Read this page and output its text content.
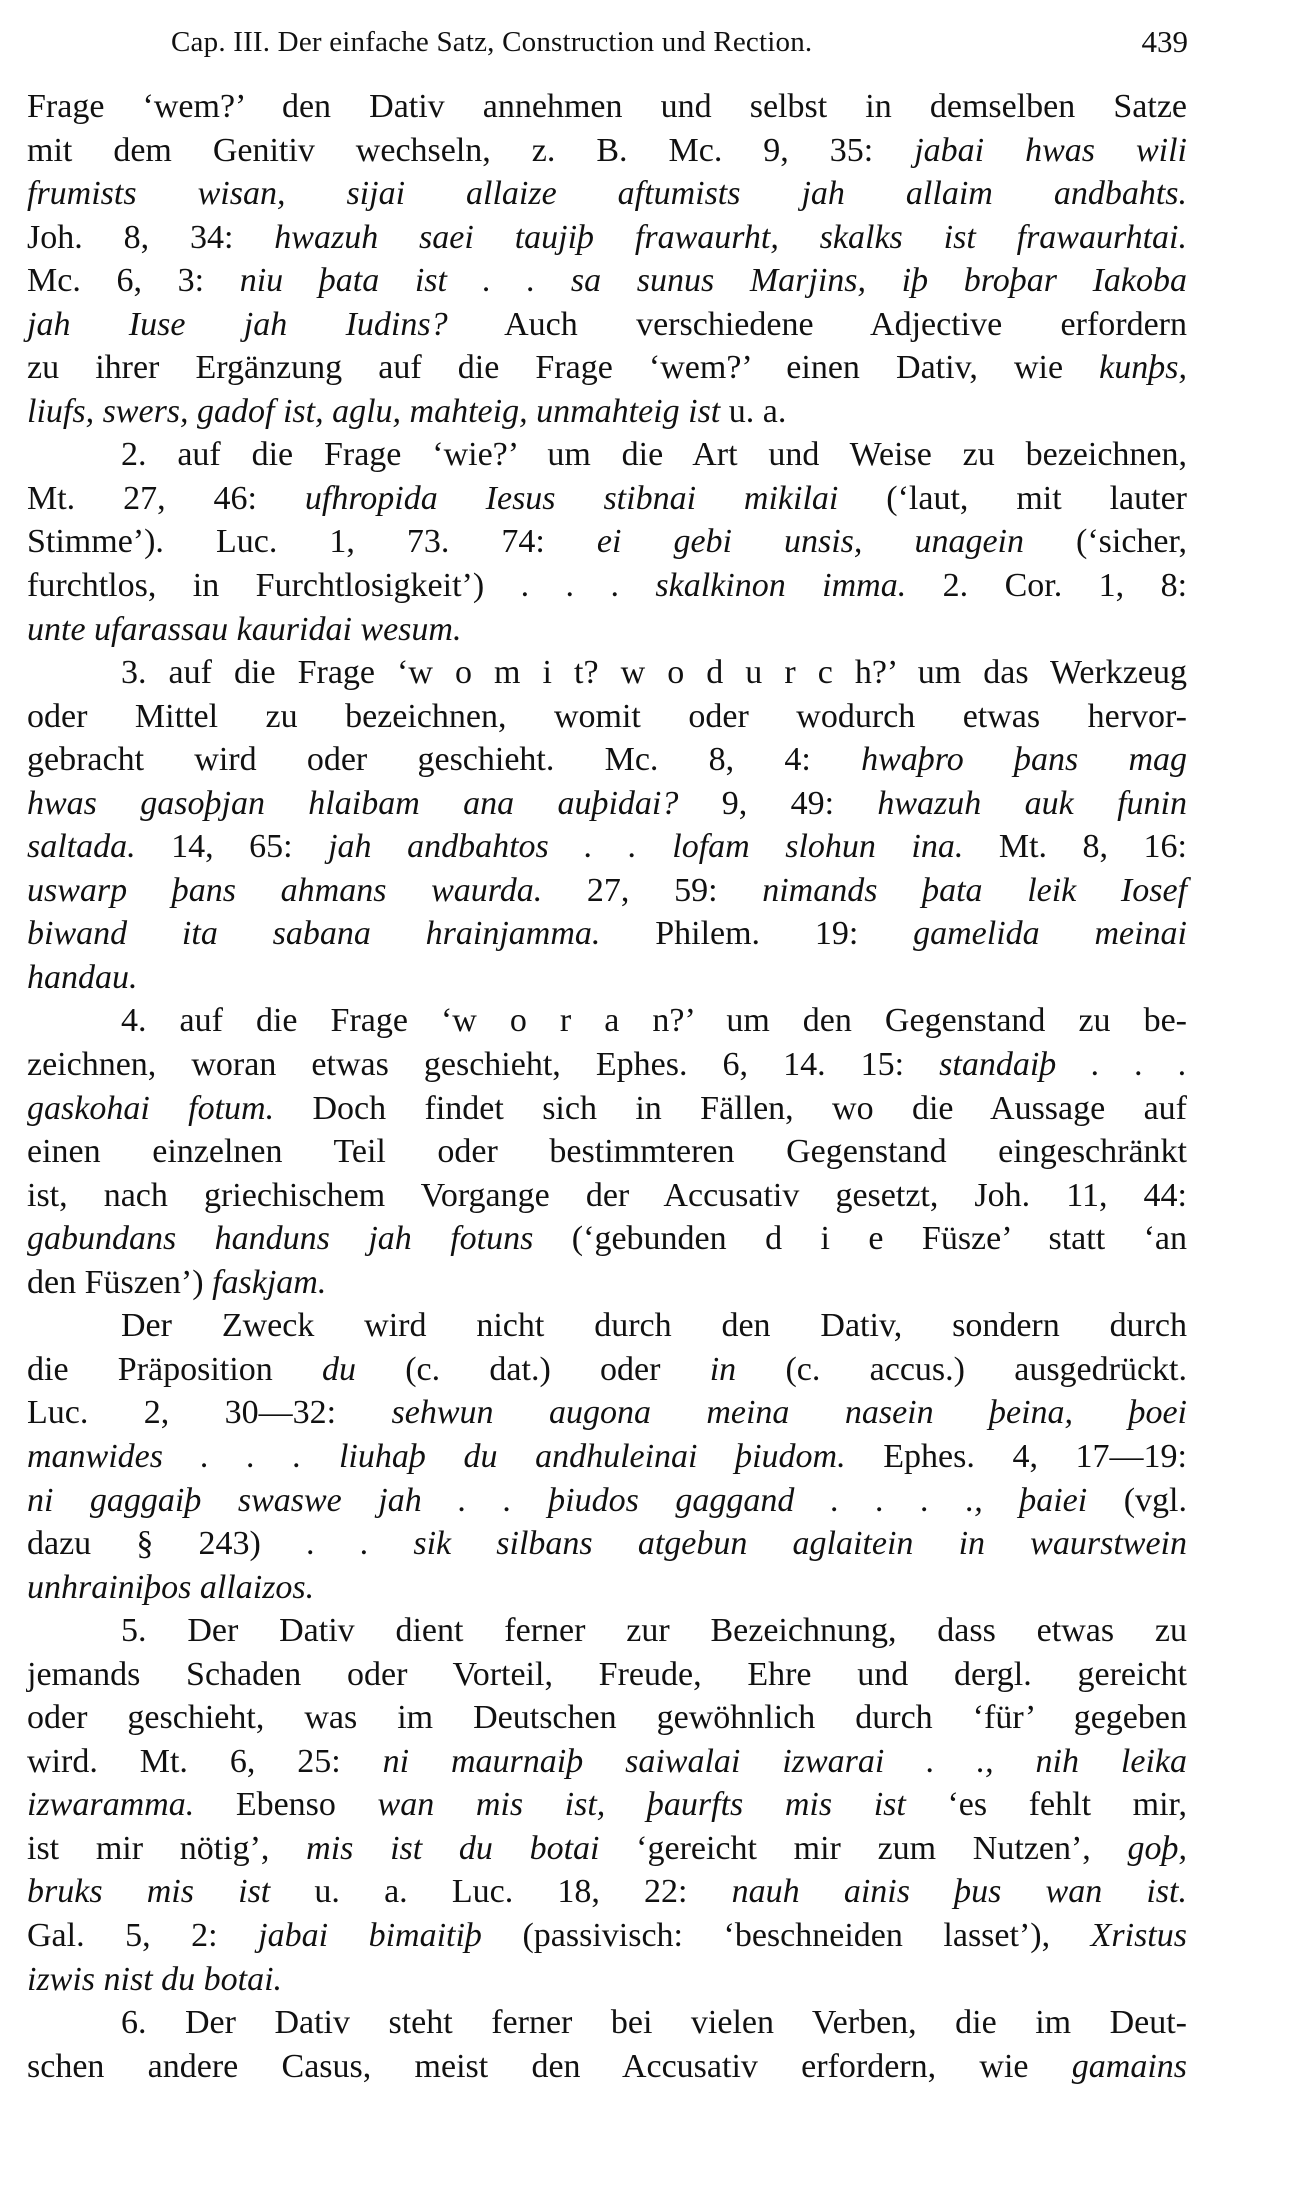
Cap. III. Der einfache Satz, Construction und Rection.	439
Frage ‘wem?’ den Dativ annehmen und selbst in demselben Satze
mit dem Genitiv wechseln, z. B. Mc. 9, 35: jabai hwas wili
frumists wisan, sijai allaize aftumists jah allaim andbahts.
Joh. 8, 34: hwazuh saei taujiþ frawaurht, skalks ist frawaurhtai.
Mc. 6, 3: niu þata ist . . sa sunus Marjins, iþ broþar Iakoba
jah Iuse jah Iudins? Auch verschiedene Adjective erfordern
zu ihrer Ergänzung auf die Frage ‘wem?’ einen Dativ, wie kunþs,
liufs, swers, gadof ist, aglu, mahteig, unmahteig ist u. a.
2. auf die Frage ‘wie?’ um die Art und Weise zu bezeichnen,
Mt. 27, 46: ufhropida Iesus stibnai mikilai (‘laut, mit lauter
Stimme’). Luc. 1, 73. 74: ei gebi unsis, unagein (‘sicher,
furchtlos, in Furchtlosigkeit’) . . . skalkinon imma. 2. Cor. 1, 8:
unte ufarassau kauridai wesum.
3. auf die Frage ‘w o m i t? w o d u r c h?’ um das Werkzeug
oder Mittel zu bezeichnen, womit oder wodurch etwas hervor-
gebracht wird oder geschieht. Mc. 8, 4: hwaþro þans mag
hwas gasoþjan hlaibam ana auþidai? 9, 49: hwazuh auk funin
saltada. 14, 65: jah andbahtos . . lofam slohun ina. Mt. 8, 16:
uswarp þans ahmans waurda. 27, 59: nimands þata leik Iosef
biwand ita sabana hrainjamma. Philem. 19: gamelida meinai
handau.
4. auf die Frage ‘w o r a n?’ um den Gegenstand zu be-
zeichnen, woran etwas geschieht, Ephes. 6, 14. 15: standaiþ . . .
gaskohai fotum. Doch findet sich in Fällen, wo die Aussage auf
einen einzelnen Teil oder bestimmteren Gegenstand eingeschränkt
ist, nach griechischem Vorgange der Accusativ gesetzt, Joh. 11, 44:
gabundans handuns jah fotuns (‘gebunden d i e Füsze’ statt ‘an
den Füszen’) faskjam.
Der Zweck wird nicht durch den Dativ, sondern durch
die Präposition du (c. dat.) oder in (c. accus.) ausgedrückt.
Luc. 2, 30—32: sehwun augona meina nasein þeina, þoei
manwides . . . liuhaþ du andhuleinai þiudom. Ephes. 4, 17—19:
ni gaggaiþ swaswe jah . . þiudos gaggand . . . ., þaiei (vgl.
dazu § 243) . . sik silbans atgebun aglaitein in waurstwein
unhrainiþos allaizos.
5. Der Dativ dient ferner zur Bezeichnung, dass etwas zu
jemands Schaden oder Vorteil, Freude, Ehre und dergl. gereicht
oder geschieht, was im Deutschen gewöhnlich durch ‘für’ gegeben
wird. Mt. 6, 25: ni maurnaiþ saiwalai izwarai . ., nih leika
izwaramma. Ebenso wan mis ist, þaurfts mis ist ‘es fehlt mir,
ist mir nötig’, mis ist du botai ‘gereicht mir zum Nutzen’, goþ,
bruks mis ist u. a. Luc. 18, 22: nauh ainis þus wan ist.
Gal. 5, 2: jabai bimaitiþ (passivisch: ‘beschneiden lasset’), Xristus
izwis nist du botai.
6. Der Dativ steht ferner bei vielen Verben, die im Deut-
schen andere Casus, meist den Accusativ erfordern, wie gamains
